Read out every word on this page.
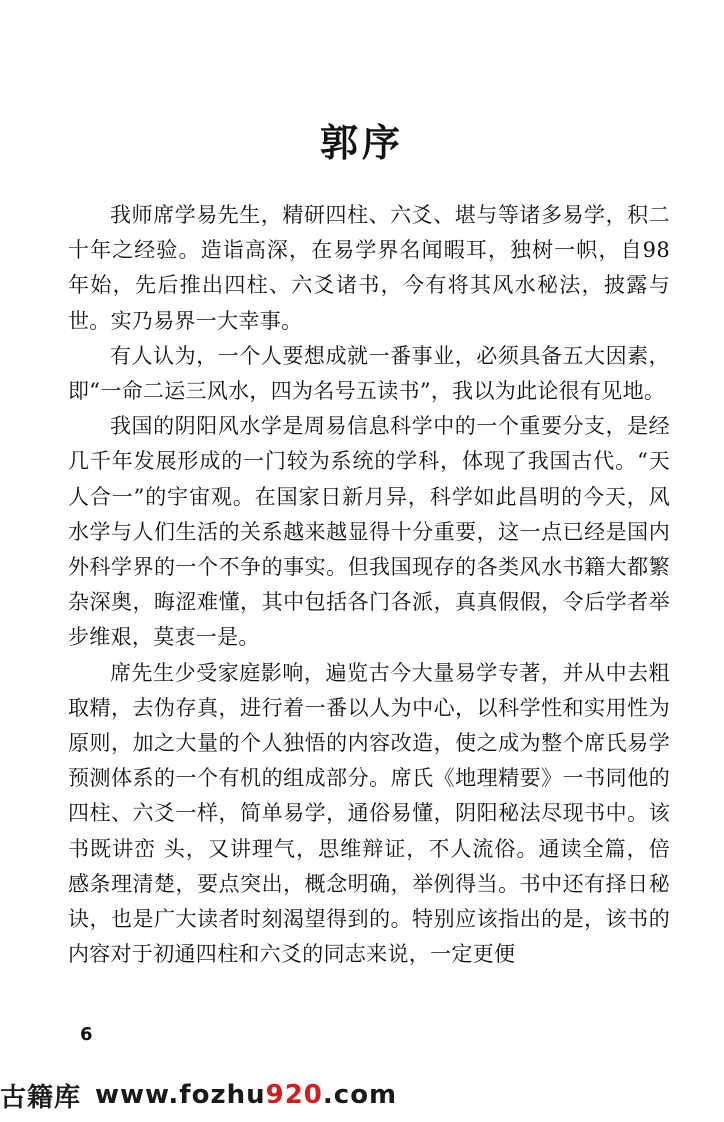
郭序

我师席学易先生，精研四柱、六爻、堪与等诸多易学，积二十年之经验。造诣高深，在易学界名闻暇耳，独树一帜，自98年始，先后推出四柱、六爻诸书，今有将其风水秘法，披露与世。实乃易界一大幸事。

有人认为，一个人要想成就一番事业，必须具备五大因素，即“一命二运三风水，四为名号五读书”，我以为此论很有见地。

我国的阴阳风水学是周易信息科学中的一个重要分支，是经几千年发展形成的一门较为系统的学科，体现了我国古代。“天人合一”的宇宙观。在国家日新月异，科学如此昌明的今天，风水学与人们生活的关系越来越显得十分重要，这一点已经是国内外科学界的一个不争的事实。但我国现存的各类风水书籍大都繁杂深奥，晦涩难懂，其中包括各门各派，真真假假，令后学者举步维艰，莫衷一是。

席先生少受家庭影响，遍览古今大量易学专著，并从中去粗取精，去伪存真，进行着一番以人为中心，以科学性和实用性为原则，加之大量的个人独悟的内容改造，使之成为整个席氏易学预测体系的一个有机的组成部分。席氏《地理精要》一书同他的四柱、六爻一样，简单易学，通俗易懂，阴阳秘法尽现书中。该书既讲峦 头，又讲理气，思维辩证，不人流俗。通读全篇，倍感条理清楚，要点突出，概念明确，举例得当。书中还有择日秘诀，也是广大读者时刻渴望得到的。特别应该指出的是，该书的内容对于初通四柱和六爻的同志来说，一定更便

6
古籍库 www.fozhu 920 .com
